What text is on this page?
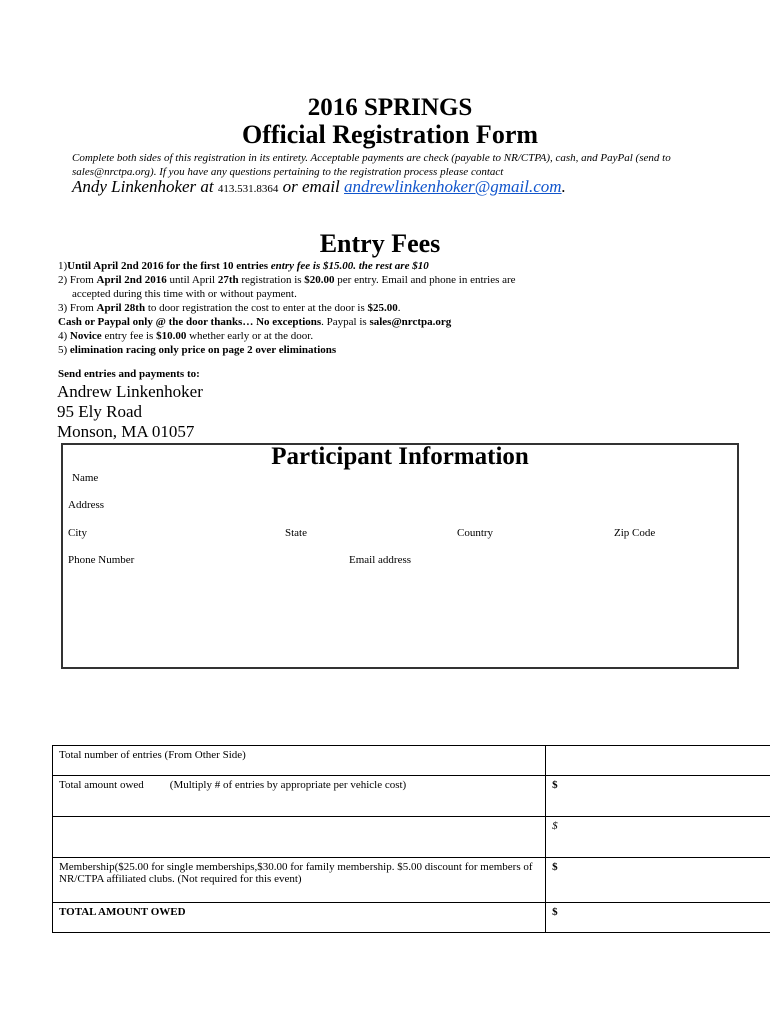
2016 SPRINGS
Official Registration Form
Complete both sides of this registration in its entirety. Acceptable payments are check (payable to NR/CTPA), cash, and PayPal (send to sales@nrctpa.org). If you have any questions pertaining to the registration process please contact
Andy Linkenhoker at 413.531.8364 or email andrewlinkenhoker@gmail.com.
Entry Fees
1)Until April 2nd 2016 for the first 10 entries entry fee is $15.00. the rest are $10
2) From April 2nd 2016 until April 27th registration is $20.00 per entry. Email and phone in entries are
accepted during this time with or without payment.
3) From April 28th to door registration the cost to enter at the door is $25.00.
Cash or Paypal only @ the door thanks… No exceptions. Paypal is sales@nrctpa.org
4) Novice entry fee is $10.00 whether early or at the door.
5) elimination racing only price on page 2 over eliminations
Send entries and payments to:
Andrew Linkenhoker
95 Ely Road
Monson, MA 01057
Participant Information
Name
Address
City	State	Country	Zip Code
Phone Number	Email address
Total number of entries (From Other Side)	
Total amount owed (Multiply # of entries by appropriate per vehicle cost)	$
	$
Membership($25.00 for single memberships,$30.00 for family membership. $5.00 discount for members of NR/CTPA affiliated clubs. (Not required for this event)	$
TOTAL AMOUNT OWED	$
